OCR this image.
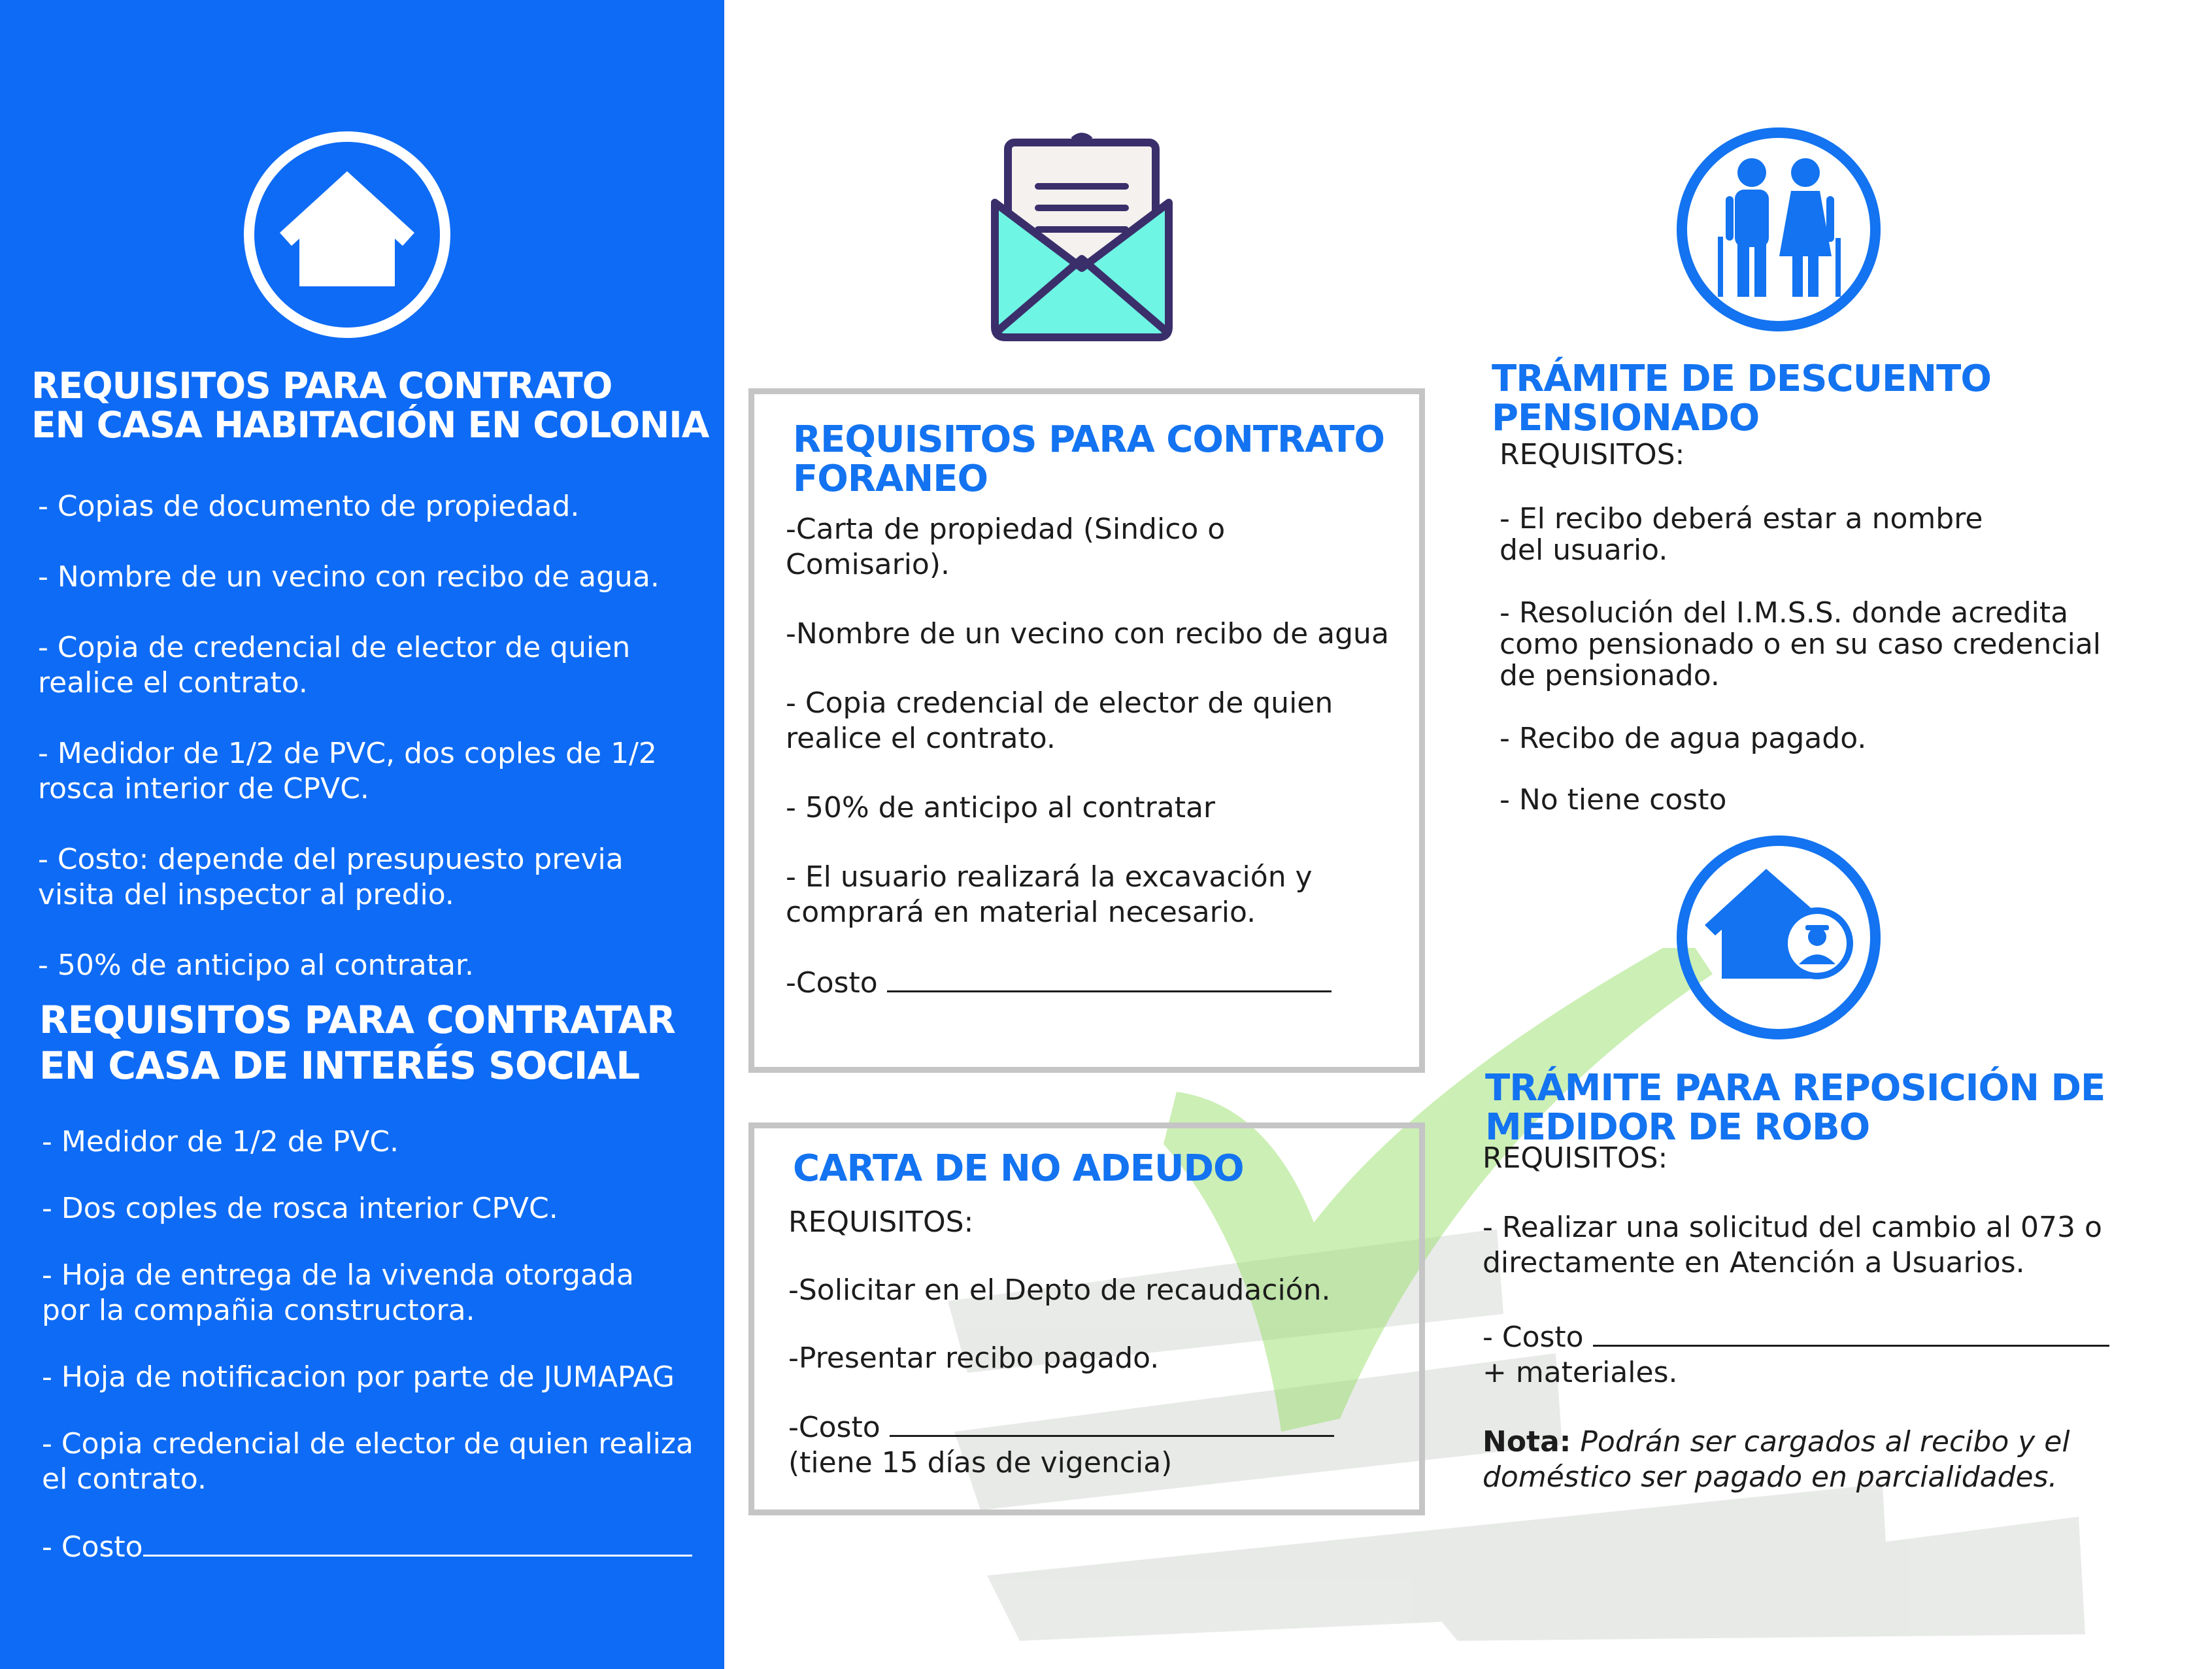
REQUISITOS PARA CONTRATO

EN CASA HABITACIÓN EN COLONIA

- Copias de documento de propiedad.

- Nombre de un vecino con recibo de agua.

- Copia de credencial de elector de quien

realice el contrato.

- Medidor de 1/2 de PVC, dos coples de 1/2

rosca interior de CPVC.

- Costo: depende del presupuesto previa

visita del inspector al predio.

- 50% de anticipo al contratar.

REQUISITOS PARA CONTRATAR

EN CASA DE INTERÉS SOCIAL

- Medidor de 1/2 de PVC.

- Dos coples de rosca interior CPVC.

- Hoja de entrega de la vivenda otorgada

por la compañia constructora.

- Hoja de notificacion por parte de JUMAPAG

- Copia credencial de elector de quien realiza

el contrato.

- Costo

REQUISITOS PARA CONTRATO

FORANEO

-Carta de propiedad (Sindico o

Comisario).

-Nombre de un vecino con recibo de agua

- Copia credencial de elector de quien

realice el contrato.

- 50% de anticipo al contratar

- El usuario realizará la excavación y

comprará en material necesario.

-Costo

CARTA DE NO ADEUDO

REQUISITOS:

-Solicitar en el Depto de recaudación.

-Presentar recibo pagado.

-Costo

(tiene 15 días de vigencia)

TRÁMITE DE DESCUENTO

PENSIONADO

REQUISITOS:

- El recibo deberá estar a nombre

del usuario.

- Resolución del I.M.S.S. donde acredita

como pensionado o en su caso credencial

de pensionado.

- Recibo de agua pagado.

- No tiene costo

TRÁMITE PARA REPOSICIÓN DE

MEDIDOR DE ROBO

REQUISITOS:

- Realizar una solicitud del cambio al 073 o

directamente en Atención a Usuarios.

- Costo

+ materiales.

Nota: Podrán ser cargados al recibo y el

doméstico ser pagado en parcialidades.
